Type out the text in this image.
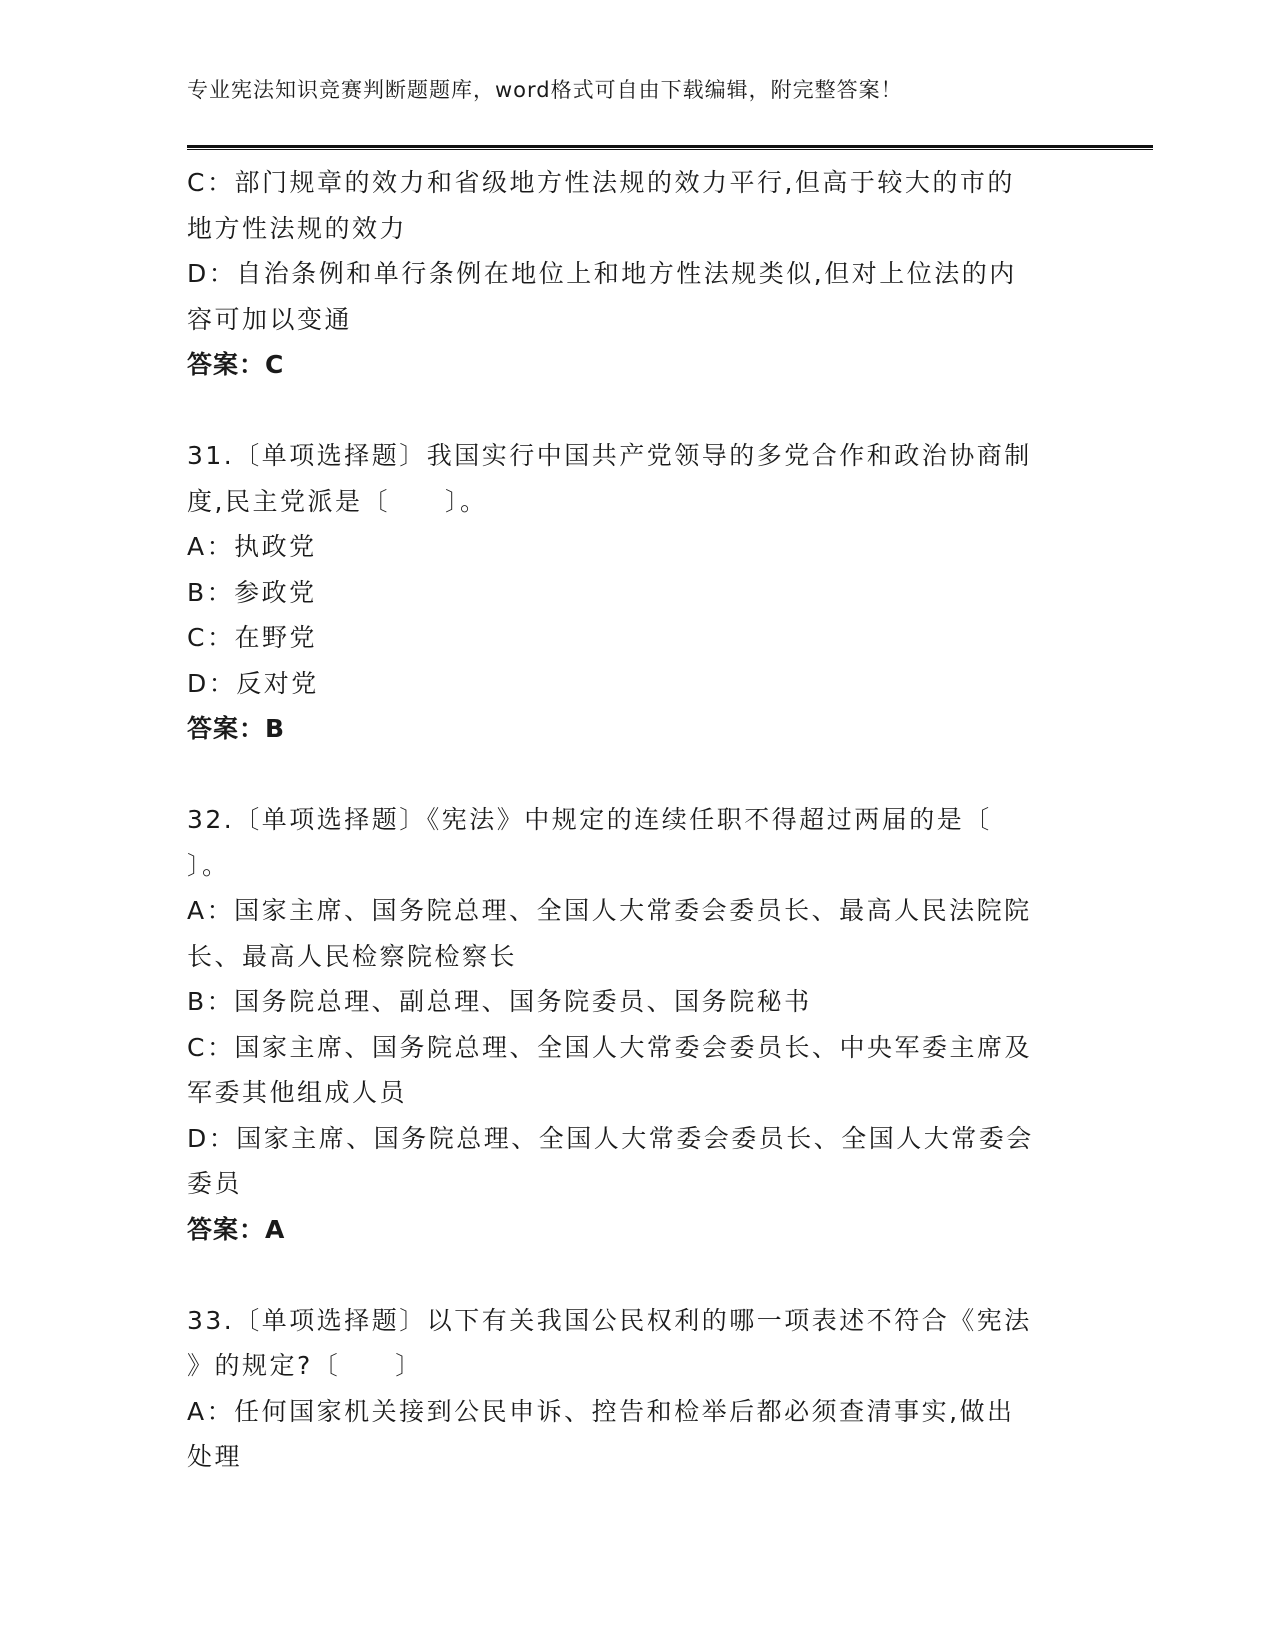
专业宪法知识竞赛判断题题库，word格式可自由下载编辑，附完整答案！
C：部门规章的效力和省级地方性法规的效力平行,但高于较大的市的
地方性法规的效力
D：自治条例和单行条例在地位上和地方性法规类似,但对上位法的内
容可加以变通
答案：C
31.〔单项选择题〕我国实行中国共产党领导的多党合作和政治协商制
度,民主党派是〔　　〕。
A：执政党
B：参政党
C：在野党
D：反对党
答案：B
32.〔单项选择题〕《宪法》中规定的连续任职不得超过两届的是〔
〕。
A：国家主席、国务院总理、全国人大常委会委员长、最高人民法院院
长、最高人民检察院检察长
B：国务院总理、副总理、国务院委员、国务院秘书
C：国家主席、国务院总理、全国人大常委会委员长、中央军委主席及
军委其他组成人员
D：国家主席、国务院总理、全国人大常委会委员长、全国人大常委会
委员
答案：A
33.〔单项选择题〕以下有关我国公民权利的哪一项表述不符合《宪法
》的规定?〔　　〕
A：任何国家机关接到公民申诉、控告和检举后都必须查清事实,做出
处理
